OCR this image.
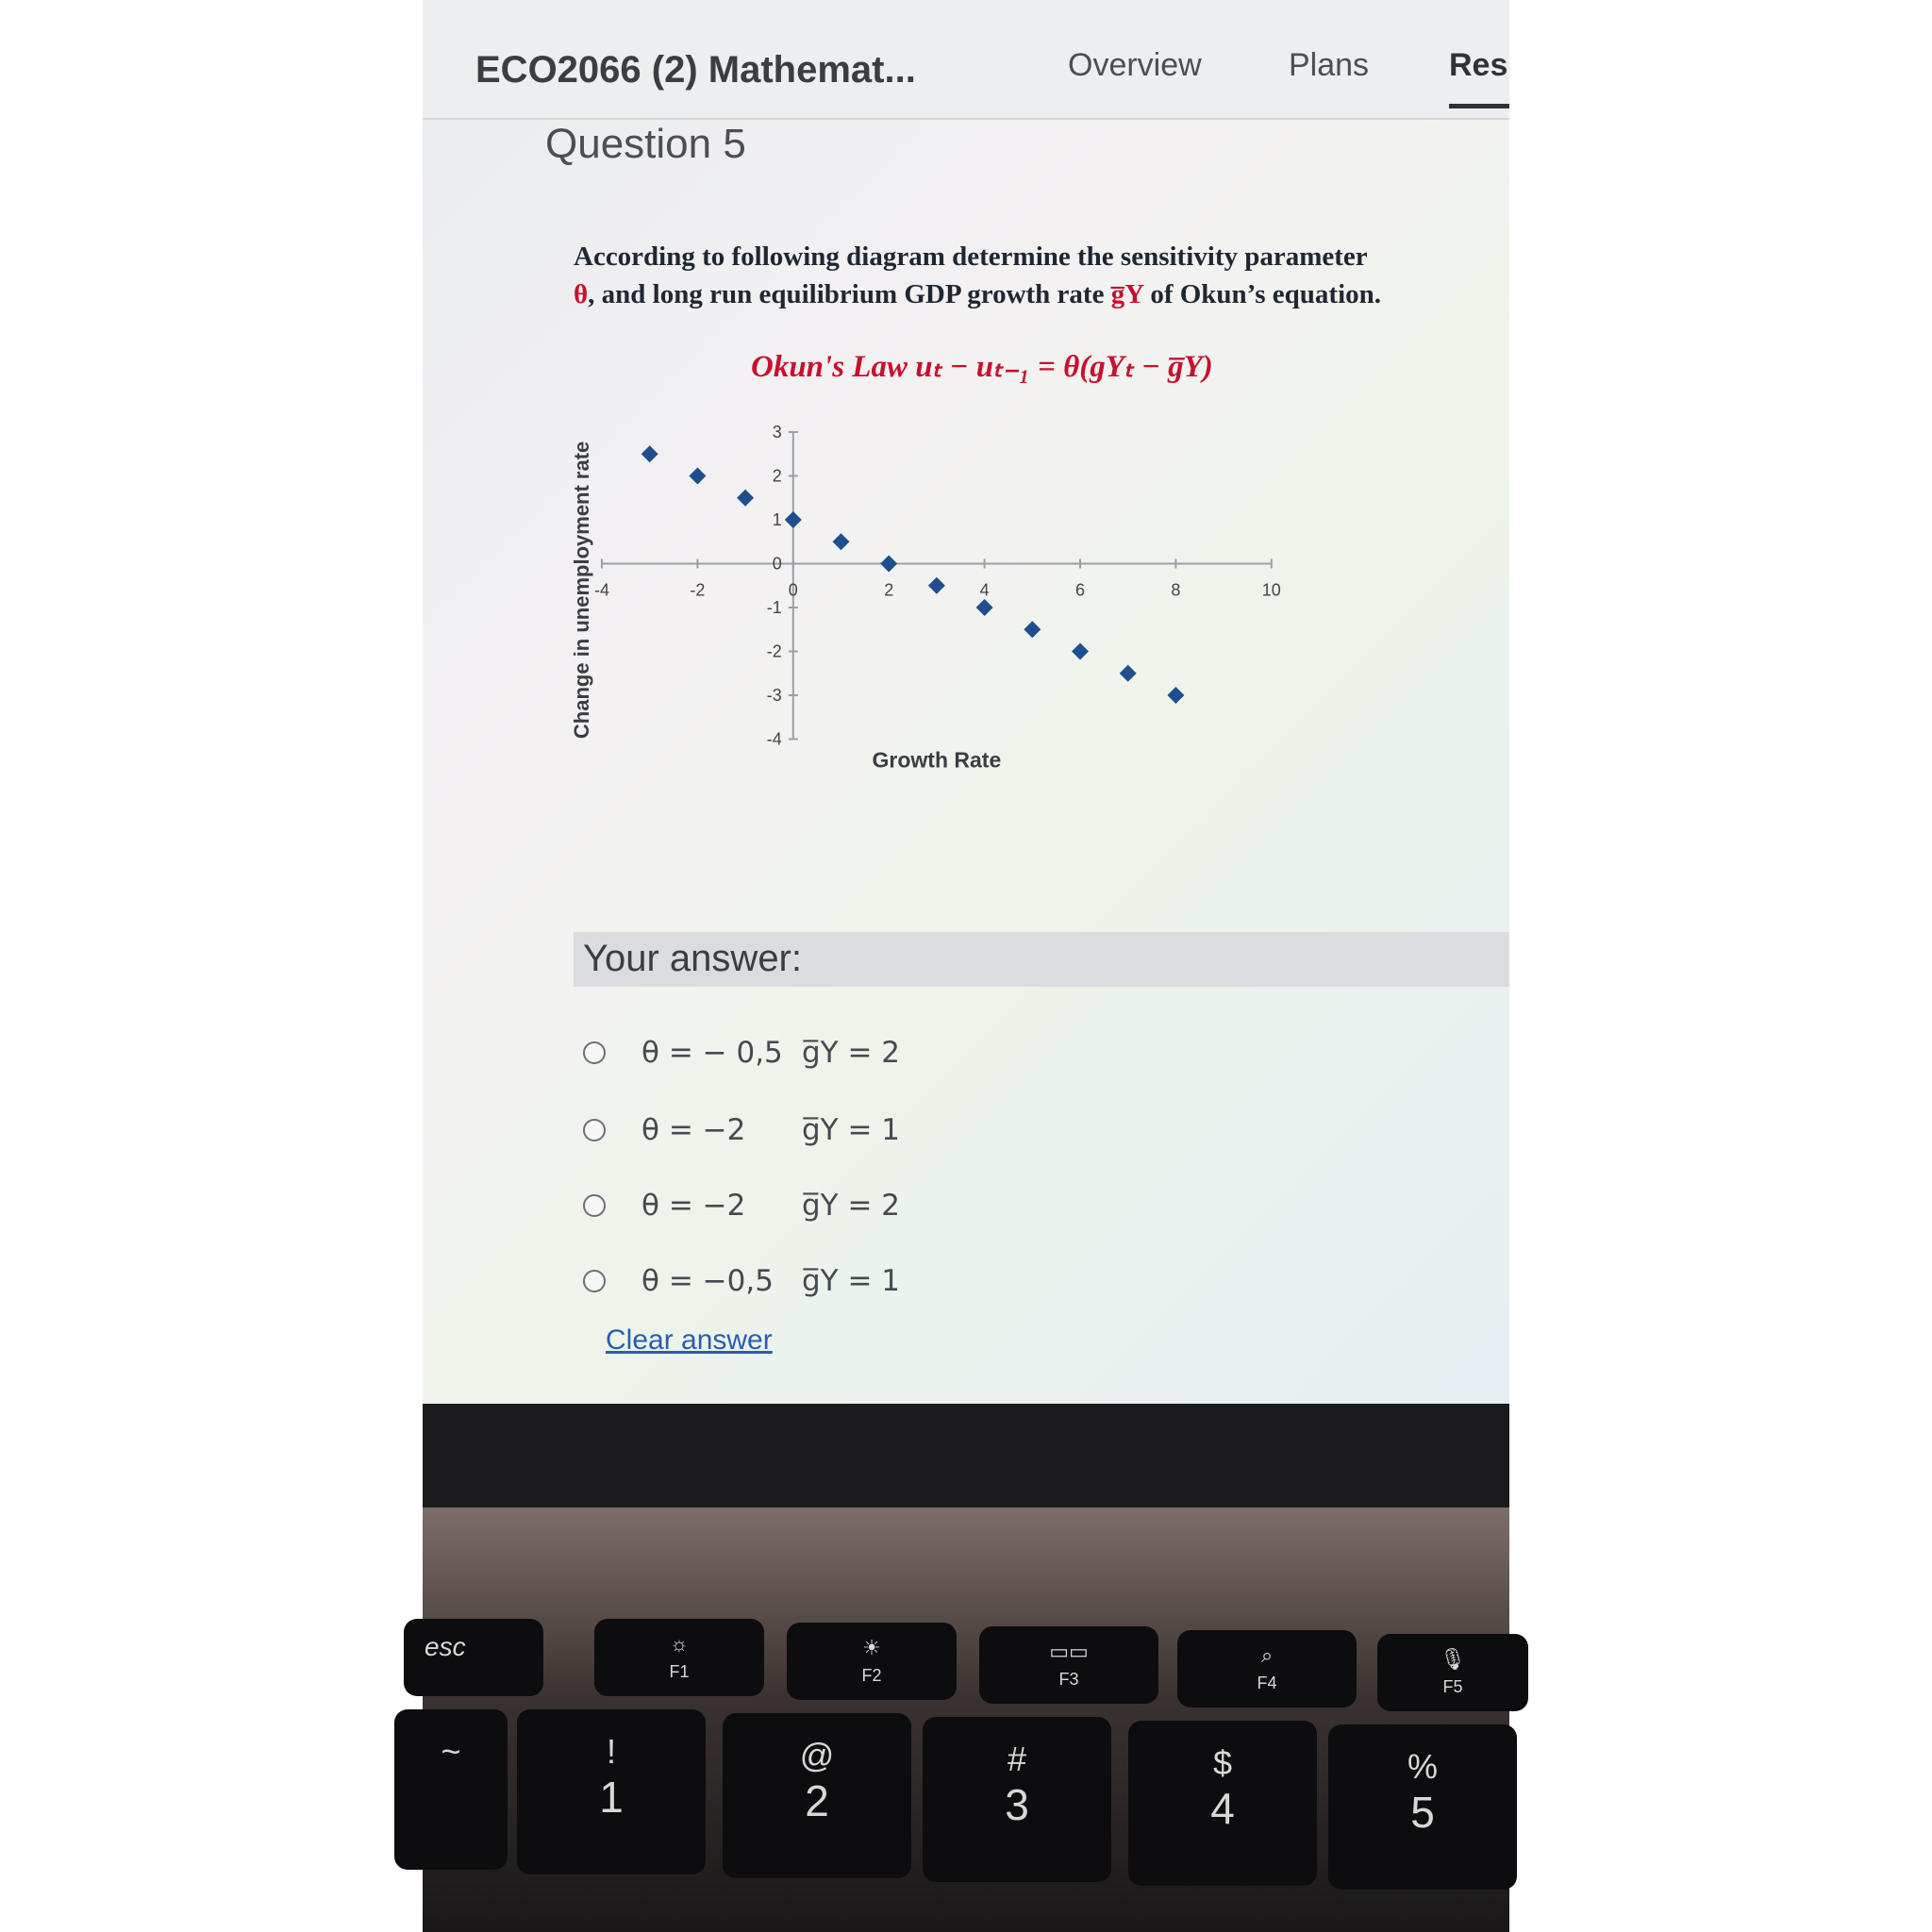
ECO2066 (2) Mathemat...	Overview	Plans Res
Question 5
According to following diagram determine the sensitivity parameter
θ, and long run equilibrium GDP growth rate g̅Y of Okun’s equation.
Okun's Law uₜ − uₜ₋₁ = θ(gYₜ − g̅Y)
-4	-2	0	2	4	6	8	10
3
2
1
0
-1
-2
-3
-4
Growth Rate
Change in unemployment rate
Your answer:
θ = − 0,5 g̅Y = 2
θ = −2 g̅Y = 1
θ = −2 g̅Y = 2
θ = −0,5 g̅Y = 1
Clear answer
esc	☼
F1
☀
F2
▭▭
F3
⌕
F4
🎙
F5
~	!
1
@
2
#
3
$
4
%
5
